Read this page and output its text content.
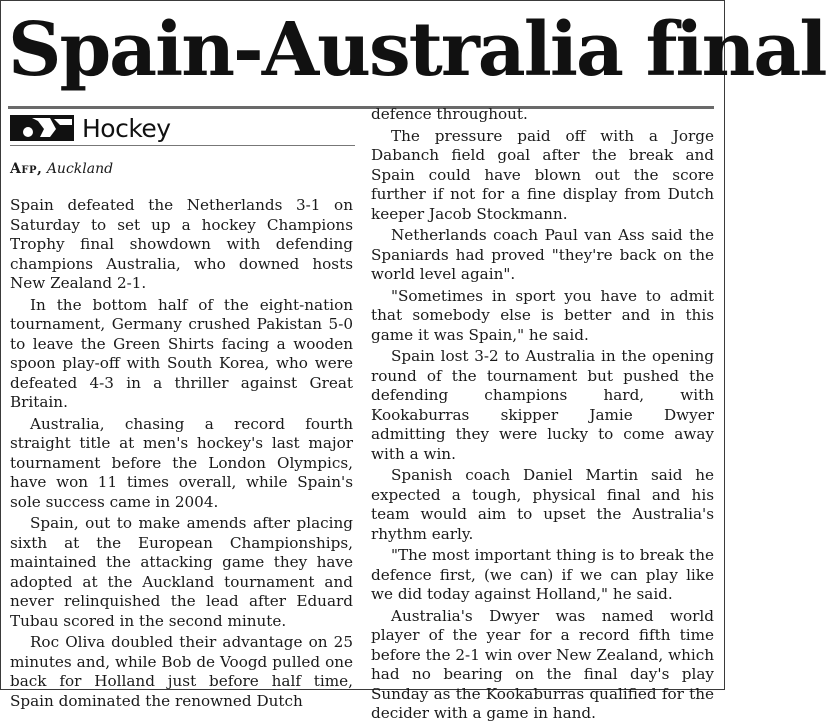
Spain-Australia final
Hockey
Afp, Auckland

Spain defeated the Netherlands 3-1 on Saturday to set up a hockey Champions Trophy final showdown with defending champions Australia, who downed hosts New Zealand 2-1.

In the bottom half of the eight-nation tournament, Germany crushed Pakistan 5-0 to leave the Green Shirts facing a wooden spoon play-off with South Korea, who were defeated 4-3 in a thriller against Great Britain.

Australia, chasing a record fourth straight title at men's hockey's last major tournament before the London Olympics, have won 11 times overall, while Spain's sole success came in 2004.

Spain, out to make amends after placing sixth at the European Championships, maintained the attacking game they have adopted at the Auckland tournament and never relinquished the lead after Eduard Tubau scored in the second minute.

Roc Oliva doubled their advantage on 25 minutes and, while Bob de Voogd pulled one back for Holland just before half time, Spain dominated the renowned Dutch

defence throughout.

The pressure paid off with a Jorge Dabanch field goal after the break and Spain could have blown out the score further if not for a fine display from Dutch keeper Jacob Stockmann.

Netherlands coach Paul van Ass said the Spaniards had proved "they're back on the world level again".

"Sometimes in sport you have to admit that somebody else is better and in this game it was Spain," he said.

Spain lost 3-2 to Australia in the opening round of the tournament but pushed the defending champions hard, with Kookaburras skipper Jamie Dwyer admitting they were lucky to come away with a win.

Spanish coach Daniel Martin said he expected a tough, physical final and his team would aim to upset the Australia's rhythm early.

"The most important thing is to break the defence first, (we can) if we can play like we did today against Holland," he said.

Australia's Dwyer was named world player of the year for a record fifth time before the 2-1 win over New Zealand, which had no bearing on the final day's play Sunday as the Kookaburras qualified for the decider with a game in hand.
